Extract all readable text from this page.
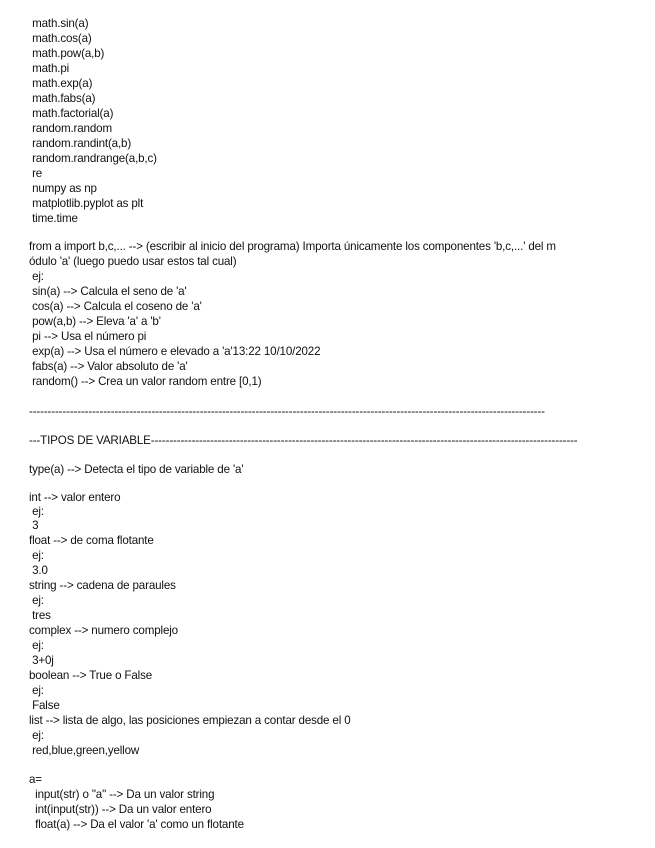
math.sin(a)
math.cos(a)
math.pow(a,b)
math.pi
math.exp(a)
math.fabs(a)
math.factorial(a)
random.random
random.randint(a,b)
random.randrange(a,b,c)
re
numpy as np
matplotlib.pyplot as plt
time.time
from a import b,c,... --> (escribir al inicio del programa) Importa únicamente los componentes 'b,c,...' del m
ódulo 'a' (luego puedo usar estos tal cual)
ej:
sin(a) --> Calcula el seno de 'a'
cos(a) --> Calcula el coseno de 'a'
pow(a,b) --> Eleva 'a' a 'b'
pi --> Usa el número pi
exp(a) --> Usa el número e elevado a 'a'13:22 10/10/2022
fabs(a) --> Valor absoluto de 'a'
random() --> Crea un valor random entre [0,1)
-------------------------------------------------------------------------------------------------------------------------------------------
---TIPOS DE VARIABLE-------------------------------------------------------------------------------------------------------------------
type(a) --> Detecta el tipo de variable de 'a'
int --> valor entero
ej:
3
float --> de coma flotante
ej:
3.0
string --> cadena de paraules
ej:
tres
complex --> numero complejo
ej:
3+0j
boolean --> True o False
ej:
False
list --> lista de algo, las posiciones empiezan a contar desde el 0
ej:
red,blue,green,yellow
a=
input(str) o "a" --> Da un valor string
int(input(str)) --> Da un valor entero
float(a) --> Da el valor 'a' como un flotante
